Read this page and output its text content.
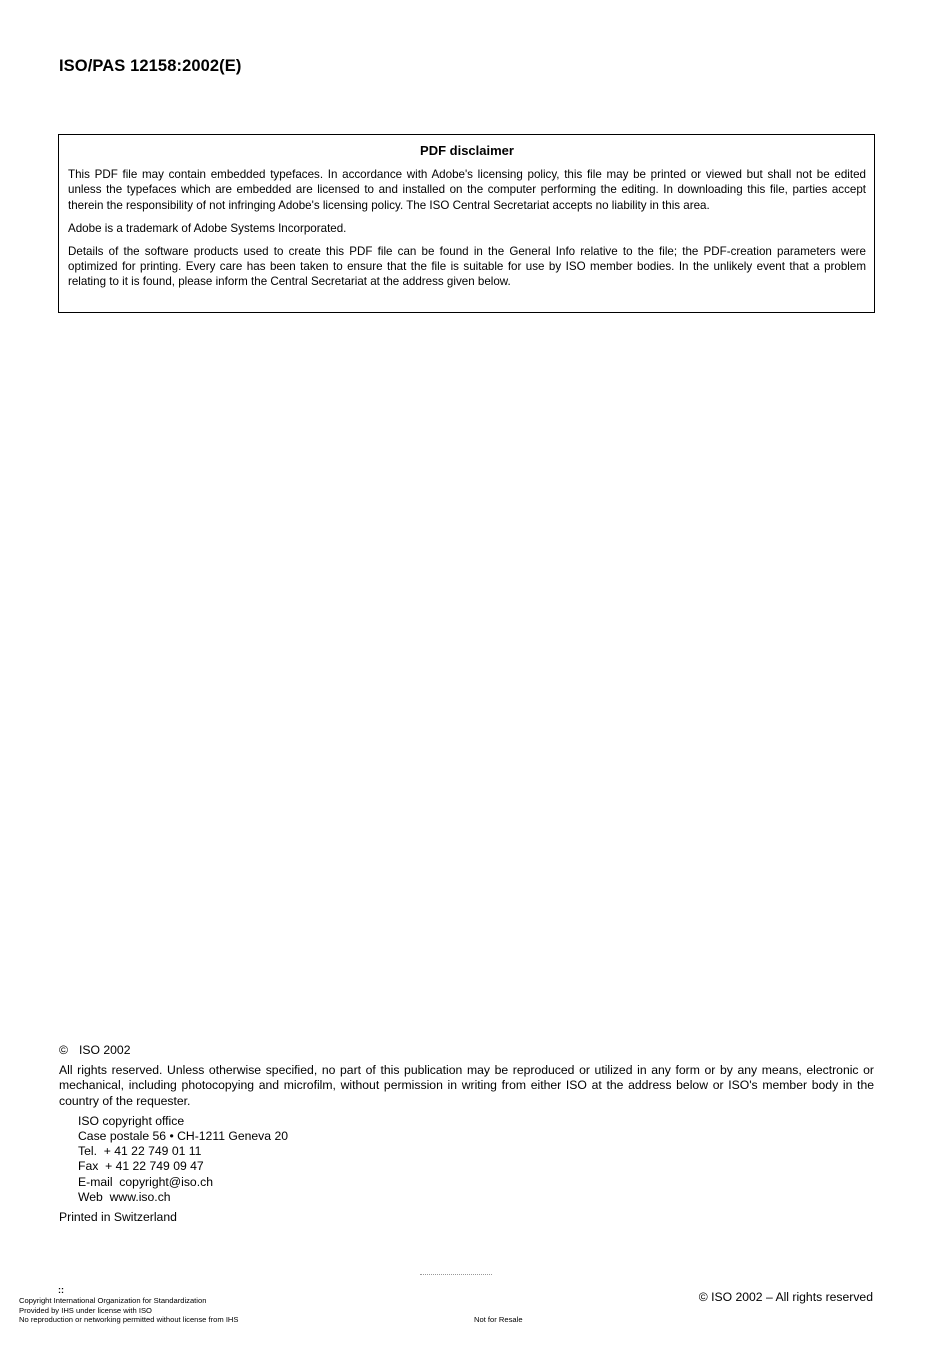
ISO/PAS 12158:2002(E)
PDF disclaimer

This PDF file may contain embedded typefaces. In accordance with Adobe's licensing policy, this file may be printed or viewed but shall not be edited unless the typefaces which are embedded are licensed to and installed on the computer performing the editing. In downloading this file, parties accept therein the responsibility of not infringing Adobe's licensing policy. The ISO Central Secretariat accepts no liability in this area.

Adobe is a trademark of Adobe Systems Incorporated.

Details of the software products used to create this PDF file can be found in the General Info relative to the file; the PDF-creation parameters were optimized for printing. Every care has been taken to ensure that the file is suitable for use by ISO member bodies. In the unlikely event that a problem relating to it is found, please inform the Central Secretariat at the address given below.

© ISO 2002
All rights reserved. Unless otherwise specified, no part of this publication may be reproduced or utilized in any form or by any means, electronic or mechanical, including photocopying and microfilm, without permission in writing from either ISO at the address below or ISO's member body in the country of the requester.
ISO copyright office
Case postale 56 • CH-1211 Geneva 20
Tel.  + 41 22 749 01 11
Fax  + 41 22 749 09 47
E-mail  copyright@iso.ch
Web  www.iso.ch
Printed in Switzerland
::
Copyright International Organization for Standardization
Provided by IHS under license with ISO
No reproduction or networking permitted without license from IHS	Not for Resale
© ISO 2002 – All rights reserved
